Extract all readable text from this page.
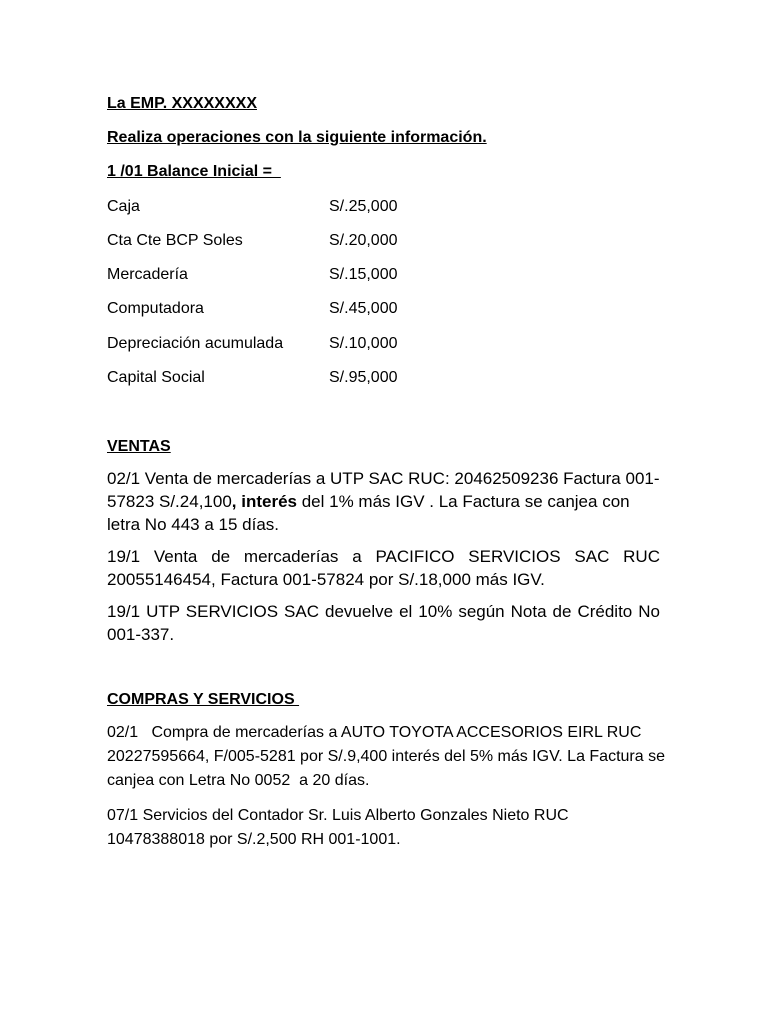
La EMP. XXXXXXXX
Realiza operaciones con la siguiente información.
1 /01 Balance Inicial =
Caja	S/.25,000
Cta Cte BCP Soles	S/.20,000
Mercadería	S/.15,000
Computadora	S/.45,000
Depreciación acumulada	S/.10,000
Capital Social	S/.95,000
VENTAS
02/1 Venta de mercaderías a UTP SAC RUC: 20462509236 Factura 001-57823 S/.24,100, interés del 1% más IGV . La Factura se canjea con letra No 443 a 15 días.
19/1 Venta de mercaderías a PACIFICO SERVICIOS SAC RUC 20055146454, Factura 001-57824 por S/.18,000 más IGV.
19/1 UTP SERVICIOS SAC devuelve el 10% según Nota de Crédito No 001-337.
COMPRAS Y SERVICIOS
02/1   Compra de mercaderías a AUTO TOYOTA ACCESORIOS EIRL RUC 20227595664, F/005-5281 por S/.9,400 interés del 5% más IGV. La Factura se canjea con Letra No 0052  a 20 días.
07/1 Servicios del Contador Sr. Luis Alberto Gonzales Nieto RUC 10478388018 por S/.2,500 RH 001-1001.
